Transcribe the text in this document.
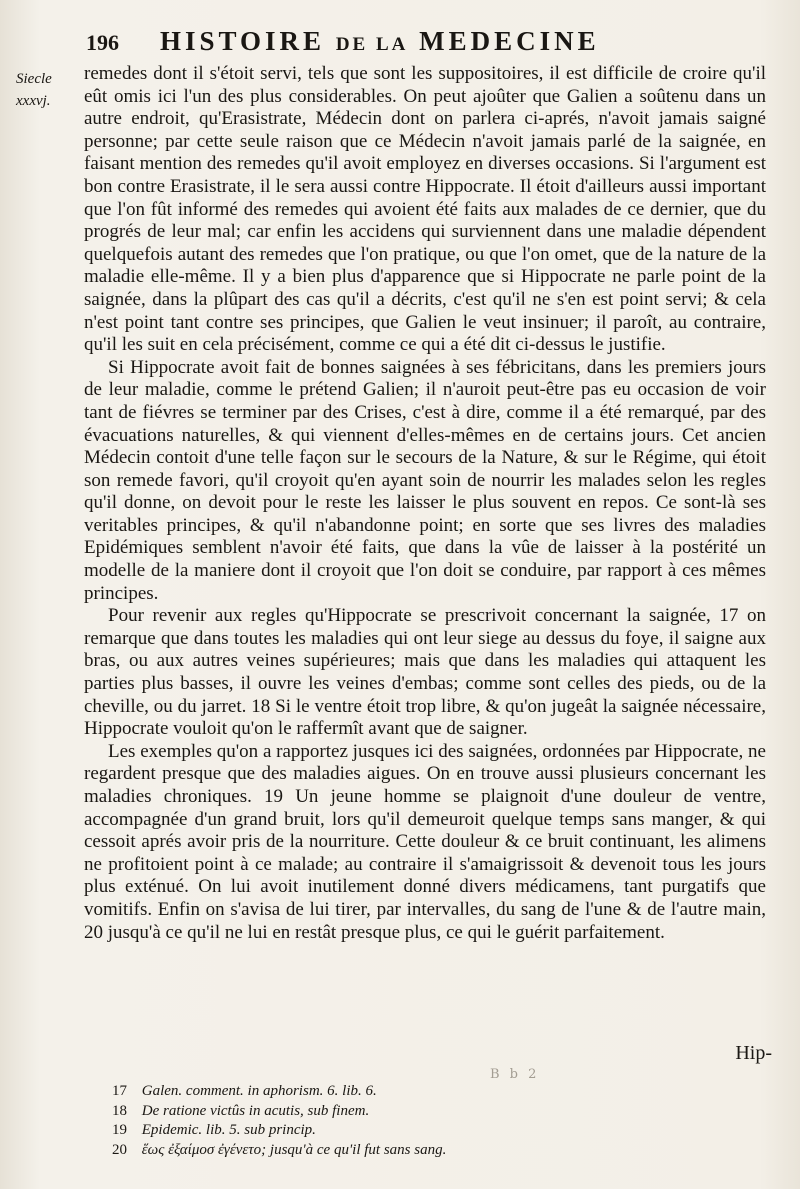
196 HISTOIRE DE LA MEDECINE
Siecle
xxxvj.

remedes dont il s'étoit servi, tels que sont les suppositoires, il est difficile de croire qu'il eût omis ici l'un des plus considerables. On peut ajoûter que Galien a soûtenu dans un autre endroit, qu'Erasistrate, Médecin dont on parlera ci-aprés, n'avoit jamais saigné personne; par cette seule raison que ce Médecin n'avoit jamais parlé de la saignée, en faisant mention des remedes qu'il avoit employez en diverses occasions. Si l'argument est bon contre Erasistrate, il le sera aussi contre Hippocrate. Il étoit d'ailleurs aussi important que l'on fût informé des remedes qui avoient été faits aux malades de ce dernier, que du progrés de leur mal; car enfin les accidens qui surviennent dans une maladie dépendent quelquefois autant des remedes que l'on pratique, ou que l'on omet, que de la nature de la maladie elle-même. Il y a bien plus d'apparence que si Hippocrate ne parle point de la saignée, dans la plûpart des cas qu'il a décrits, c'est qu'il ne s'en est point servi; & cela n'est point tant contre ses principes, que Galien le veut insinuer; il paroît, au contraire, qu'il les suit en cela précisément, comme ce qui a été dit ci-dessus le justifie.

Si Hippocrate avoit fait de bonnes saignées à ses fébricitans, dans les premiers jours de leur maladie, comme le prétend Galien; il n'auroit peut-être pas eu occasion de voir tant de fiévres se terminer par des Crises, c'est à dire, comme il a été remarqué, par des évacuations naturelles, & qui viennent d'elles-mêmes en de certains jours. Cet ancien Médecin contoit d'une telle façon sur le secours de la Nature, & sur le Régime, qui étoit son remede favori, qu'il croyoit qu'en ayant soin de nourrir les malades selon les regles qu'il donne, on devoit pour le reste les laisser le plus souvent en repos. Ce sont-là ses veritables principes, & qu'il n'abandonne point; en sorte que ses livres des maladies Epidémiques semblent n'avoir été faits, que dans la vûe de laisser à la postérité un modelle de la maniere dont il croyoit que l'on doit se conduire, par rapport à ces mêmes principes.

Pour revenir aux regles qu'Hippocrate se prescrivoit concernant la saignée, 17 on remarque que dans toutes les maladies qui ont leur siege au dessus du foye, il saigne aux bras, ou aux autres veines supérieures; mais que dans les maladies qui attaquent les parties plus basses, il ouvre les veines d'embas; comme sont celles des pieds, ou de la cheville, ou du jarret. 18 Si le ventre étoit trop libre, & qu'on jugeât la saignée nécessaire, Hippocrate vouloit qu'on le raffermît avant que de saigner.

Les exemples qu'on a rapportez jusques ici des saignées, ordonnées par Hippocrate, ne regardent presque que des maladies aigues. On en trouve aussi plusieurs concernant les maladies chroniques. 19 Un jeune homme se plaignoit d'une douleur de ventre, accompagnée d'un grand bruit, lors qu'il demeuroit quelque temps sans manger, & qui cessoit aprés avoir pris de la nourriture. Cette douleur & ce bruit continuant, les alimens ne profitoient point à ce malade; au contraire il s'amaigrissoit & devenoit tous les jours plus exténué. On lui avoit inutilement donné divers médicamens, tant purgatifs que vomitifs. Enfin on s'avisa de lui tirer, par intervalles, du sang de l'une & de l'autre main, 20 jusqu'à ce qu'il ne lui en restât presque plus, ce qui le guérit parfaitement.

Hip-
B b 2
17 Galen. comment. in aphorism. 6. lib. 6.
18 De ratione victûs in acutis, sub finem.
19 Epidemic. lib. 5. sub princip.
20 ἕως ἐξαίμοσ ἐγένετο; jusqu'à ce qu'il fut sans sang.
